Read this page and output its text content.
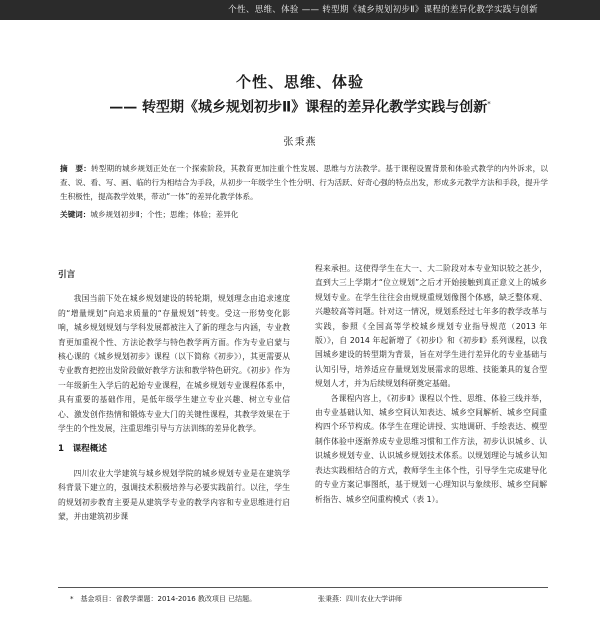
个性、思维、体验 —— 转型期《城乡规划初步Ⅱ》课程的差异化教学实践与创新
个性、思维、体验
—— 转型期《城乡规划初步Ⅱ》课程的差异化教学实践与创新*
张秉燕
摘　要：转型期的城乡规划正处在一个探索阶段，其教育更加注重个性发展、思维与方法教学。基于课程设置背景和体验式教学的内外诉求，以查、说、看、写、画、临的行为相结合为手段，从初步一年级学生个性分明、行为活跃、好奇心强的特点出发，形成多元教学方法和手段，提升学生积极性，提高教学效果，带动“一体”的差异化教学体系。
关键词：城乡规划初步Ⅱ；个性；思维；体验；差异化
引言

我国当前下处在城乡规划建设的转轮期，规划理念由追求速度的“增量规划”向追求质量的“存量规划”转变。受这一形势变化影响，城乡规划规划与学科发展都被注入了新的理念与内涵，专业教育更加重视个性、方法论教学与特色教学两方面。作为专业启蒙与核心课的《城乡规划初步》课程（以下简称《初步》），其更需要从专业教育把控出发阶段做好教学方法和教学特色研究。《初步》作为一年级新生入学后的起始专业课程，在城乡规划专业课程体系中，具有重要的基础作用，是低年级学生建立专业兴趣、树立专业信心、激发创作热情和锻炼专业大门的关键性课程，其教学效果在于学生的个性发展，注重思维引导与方法训练的差异化教学。

1　课程概述

四川农业大学建筑与城乡规划学院的城乡规划专业是在建筑学科背景下建立的，强调技术积极培养与必要实践前行。以往，学生的规划初步教育主要是从建筑学专业的教学内容和专业思维进行启蒙，并由建筑初步课

程来承担。这使得学生在大一、大二阶段对本专业知识较之甚少，直到大三上学期才“位立规划”之后才开始接触到真正意义上的城乡规划专业。在学生往往会由规规重规划像图个体感，缺乏整体观、兴趣较高等问题。针对这一情况，规划系经过七年多的教学改革与实践，参照《全国高等学校城乡规划专业指导规范（2013 年版）》，自 2014 年起新增了《初步Ⅰ》和《初步Ⅱ》系列课程，以我国城乡建设的转型期为背景，旨在对学生进行差异化的专业基础与认知引导，培养适应存量规划发展需求的思维、技能兼具的复合型规划人才，并为后续规划科研奠定基础。

各课程内容上，《初步Ⅱ》课程以个性、思维、体验三线并举，由专业基础认知、城乡空间认知表达、城乡空间解析、城乡空间重构四个环节构成。体学生在理论讲授、实地调研、手绘表达、模型制作体验中逐渐养成专业思维习惯和工作方法，初步认识城乡、认识城乡规划专业、认识城乡规划技术体系。以规划理论与城乡认知表达实践相结合的方式，教师学生主体个性，引导学生完成建导化的专业方案记事图纸，基于规划一心理知识与象续形、城乡空间解析指告、城乡空间重构模式（表 1）。

*　基金项目：省教学课题：2014-2016 教改项目 已结题。	张秉燕：四川农业大学讲师
